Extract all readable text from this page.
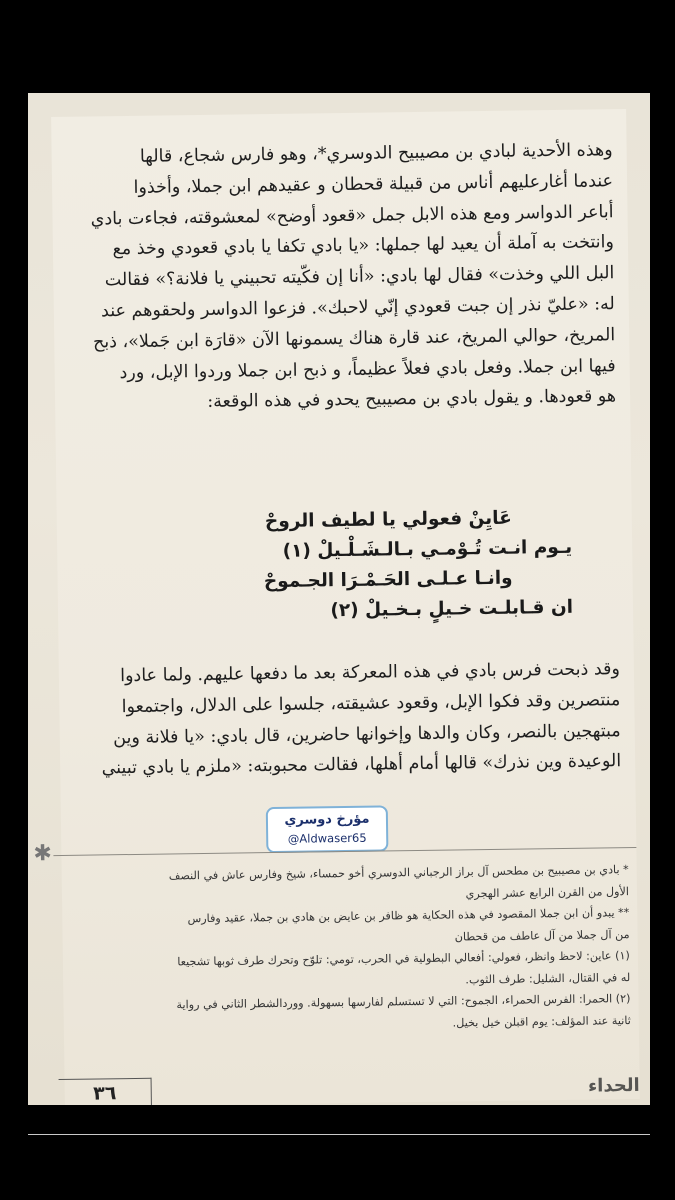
وهذه الأحدية لبادي بن مصيبيح الدوسري*، وهو فارس شجاع، قالها

عندما أغارعليهم أناس من قبيلة قحطان و عقيدهم ابن جملا، وأخذوا

أباعر الدواسر ومع هذه الابل جمل «قعود أوضح» لمعشوقته، فجاءت بادي

وانتخت به آملة أن يعيد لها جملها: «يا بادي تكفا يا بادي قعودي وخذ مع

البل اللي وخذت» فقال لها بادي: «أنا إن فكّيته تحبيني يا فلانة؟» فقالت

له: «عليّ نذر إن جبت قعودي إنّي لاحبك». فزعوا الدواسر ولحقوهم عند

المريخ، حوالي المريخ، عند قارة هناك يسمونها الآن «قارَة ابن جَملا»، ذبح

فيها ابن جملا. وفعل بادي فعلاً عظيماً، و ذبح ابن جملا وردوا الإبل، ورد

هو قعودها. و يقول بادي بن مصيبيح يحدو في هذه الوقعة:

عَايِنْ فعولي يا لطيف الروحْ

يـوم انـت تُـوْمـي بـالـشَـلْـيلْ (١)

وانـا عـلـى الحَـمْـرَا الجـموحْ

ان قـابلـت خـيلٍ بـخـيلْ (٢)

وقد ذبحت فرس بادي في هذه المعركة بعد ما دفعها عليهم. ولما عادوا

منتصرين وقد فكوا الإبل، وقعود عشيقته، جلسوا على الدلال، واجتمعوا

مبتهجين بالنصر، وكان والدها وإخوانها حاضرين، قال بادي: «يا فلانة وين

الوعيدة وين نذرك» قالها أمام أهلها، فقالت محبوبته: «ملزم يا بادي تبيني

مؤرخ دوسري
@Aldwaser65
✱

* بادي بن مصيبيح بن مطحس آل براز الرجباني الدوسري أخو حمساء، شيخ وفارس عاش في النصف

الأول من القرن الرابع عشر الهجري

** يبدو أن ابن جملا المقصود في هذه الحكاية هو ظافر بن عايض بن هادي بن جملا، عقيد وفارس

من آل جملا من آل عاطف من قحطان

(١) عاين: لاحظ وانظر، فعولي: أفعالي البطولية في الحرب، تومي: تلوّح وتحرك طرف ثوبها تشجيعا

له في القتال، الشليل: طرف الثوب.

(٢) الحمرا: الفرس الحمراء، الجموح: التي لا تستسلم لفارسها بسهولة. ووردالشطر الثاني في رواية

ثانية عند المؤلف: يوم اقبلن خيل بخيل.

٣٦	الحداء
